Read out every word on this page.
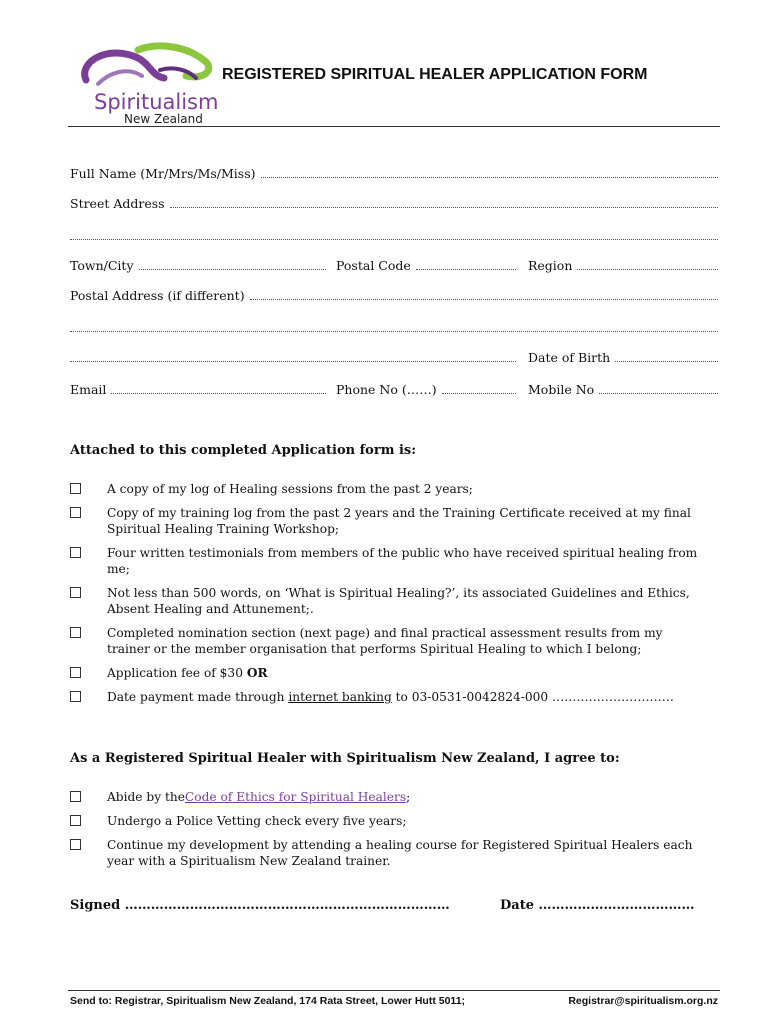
Spiritualism
New Zealand
REGISTERED SPIRITUAL HEALER APPLICATION FORM
Full Name (Mr/Mrs/Ms/Miss)
Street Address
Town/City	Postal Code	Region
Postal Address (if different)
Date of Birth
Email	Phone No (……)	Mobile No
Attached to this completed Application form is:
A copy of my log of Healing sessions from the past 2 years;
Copy of my training log from the past 2 years and the Training Certificate received at my final Spiritual Healing Training Workshop;
Four written testimonials from members of the public who have received spiritual healing from me;
Not less than 500 words, on ‘What is Spiritual Healing?’, its associated Guidelines and Ethics, Absent Healing and Attunement;.
Completed nomination section (next page) and final practical assessment results from my trainer or the member organisation that performs Spiritual Healing to which I belong;
Application fee of $30 OR
Date payment made through internet banking to 03-0531-0042824-000 …………………………
As a Registered Spiritual Healer with Spiritualism New Zealand, I agree to:
Abide by theCode of Ethics for Spiritual Healers;
Undergo a Police Vetting check every five years;
Continue my development by attending a healing course for Registered Spiritual Healers each year with a Spiritualism New Zealand trainer.
Signed …………………………………………………………………	Date ………………………………
Send to: Registrar, Spiritualism New Zealand, 174 Rata Street, Lower Hutt 5011;	Registrar@spiritualism.org.nz
